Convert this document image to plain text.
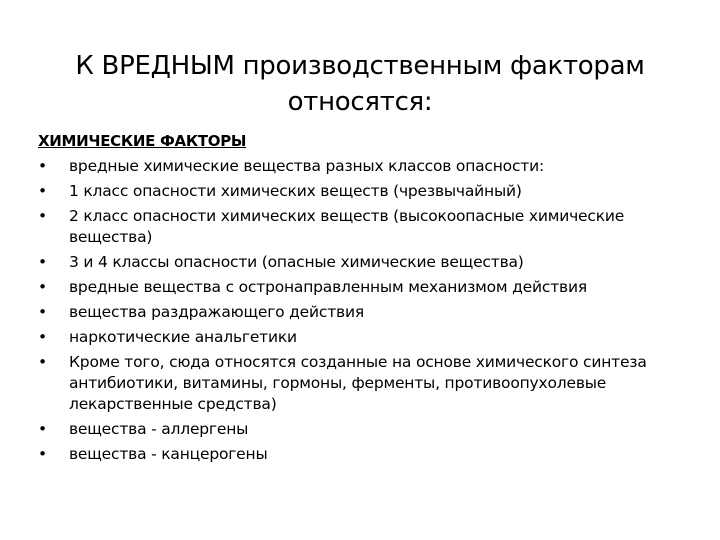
К ВРЕДНЫМ производственным факторам относятся:
ХИМИЧЕСКИЕ ФАКТОРЫ
• вредные химические вещества разных классов опасности:
• 1 класс опасности химических веществ (чрезвычайный)
• 2 класс опасности химических веществ (высокоопасные химические вещества)
• 3 и 4 классы опасности (опасные химические вещества)
• вредные вещества с остронаправленным механизмом действия
• вещества раздражающего действия
• наркотические анальгетики
• Кроме того, сюда относятся созданные на основе химического синтеза антибиотики, витамины, гормоны, ферменты, противоопухолевые лекарственные средства)
• вещества - аллергены
• вещества - канцерогены
